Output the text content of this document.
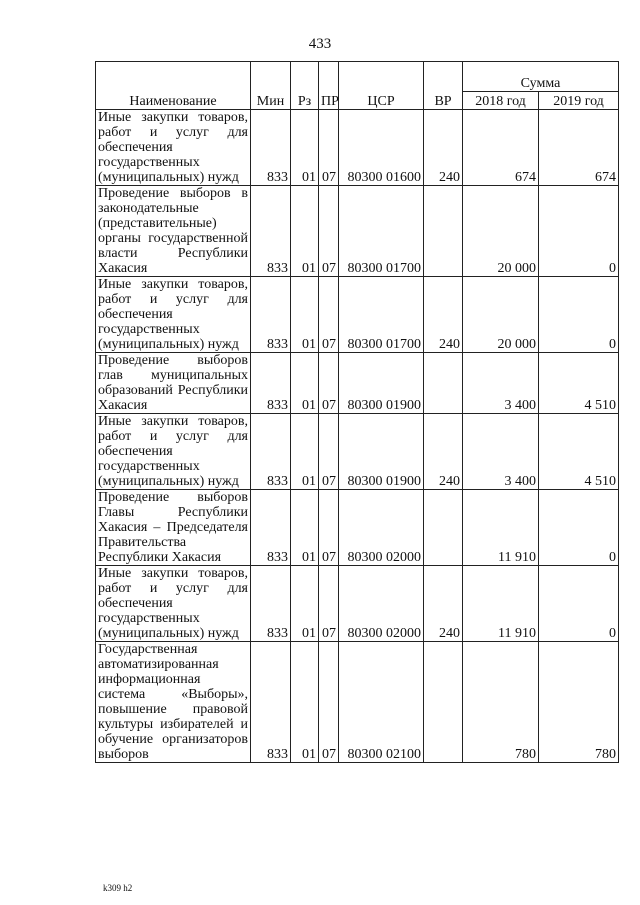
433
Наименование	Мин	Рз	ПР	ЦСР	ВР	Сумма	
						2018 год	2019 год
Иные закупки товаров, работ и услуг для обеспечения государственных (муниципальных) нужд	833	01	07	80300 01600	240	674	674
Проведение выборов в законодательные (представительные) органы государственной власти Республики Хакасия	833	01	07	80300 01700		20 000	0
Иные закупки товаров, работ и услуг для обеспечения государственных (муниципальных) нужд	833	01	07	80300 01700	240	20 000	0
Проведение выборов глав муниципальных образований Республики Хакасия	833	01	07	80300 01900		3 400	4 510
Иные закупки товаров, работ и услуг для обеспечения государственных (муниципальных) нужд	833	01	07	80300 01900	240	3 400	4 510
Проведение выборов Главы Республики Хакасия – Председателя Правительства Республики Хакасия	833	01	07	80300 02000		11 910	0
Иные закупки товаров, работ и услуг для обеспечения государственных (муниципальных) нужд	833	01	07	80300 02000	240	11 910	0
Государственная автоматизированная информационная система «Выборы», повышение правовой культуры избирателей и обучение организаторов выборов	833	01	07	80300 02100		780	780
k309 h2
